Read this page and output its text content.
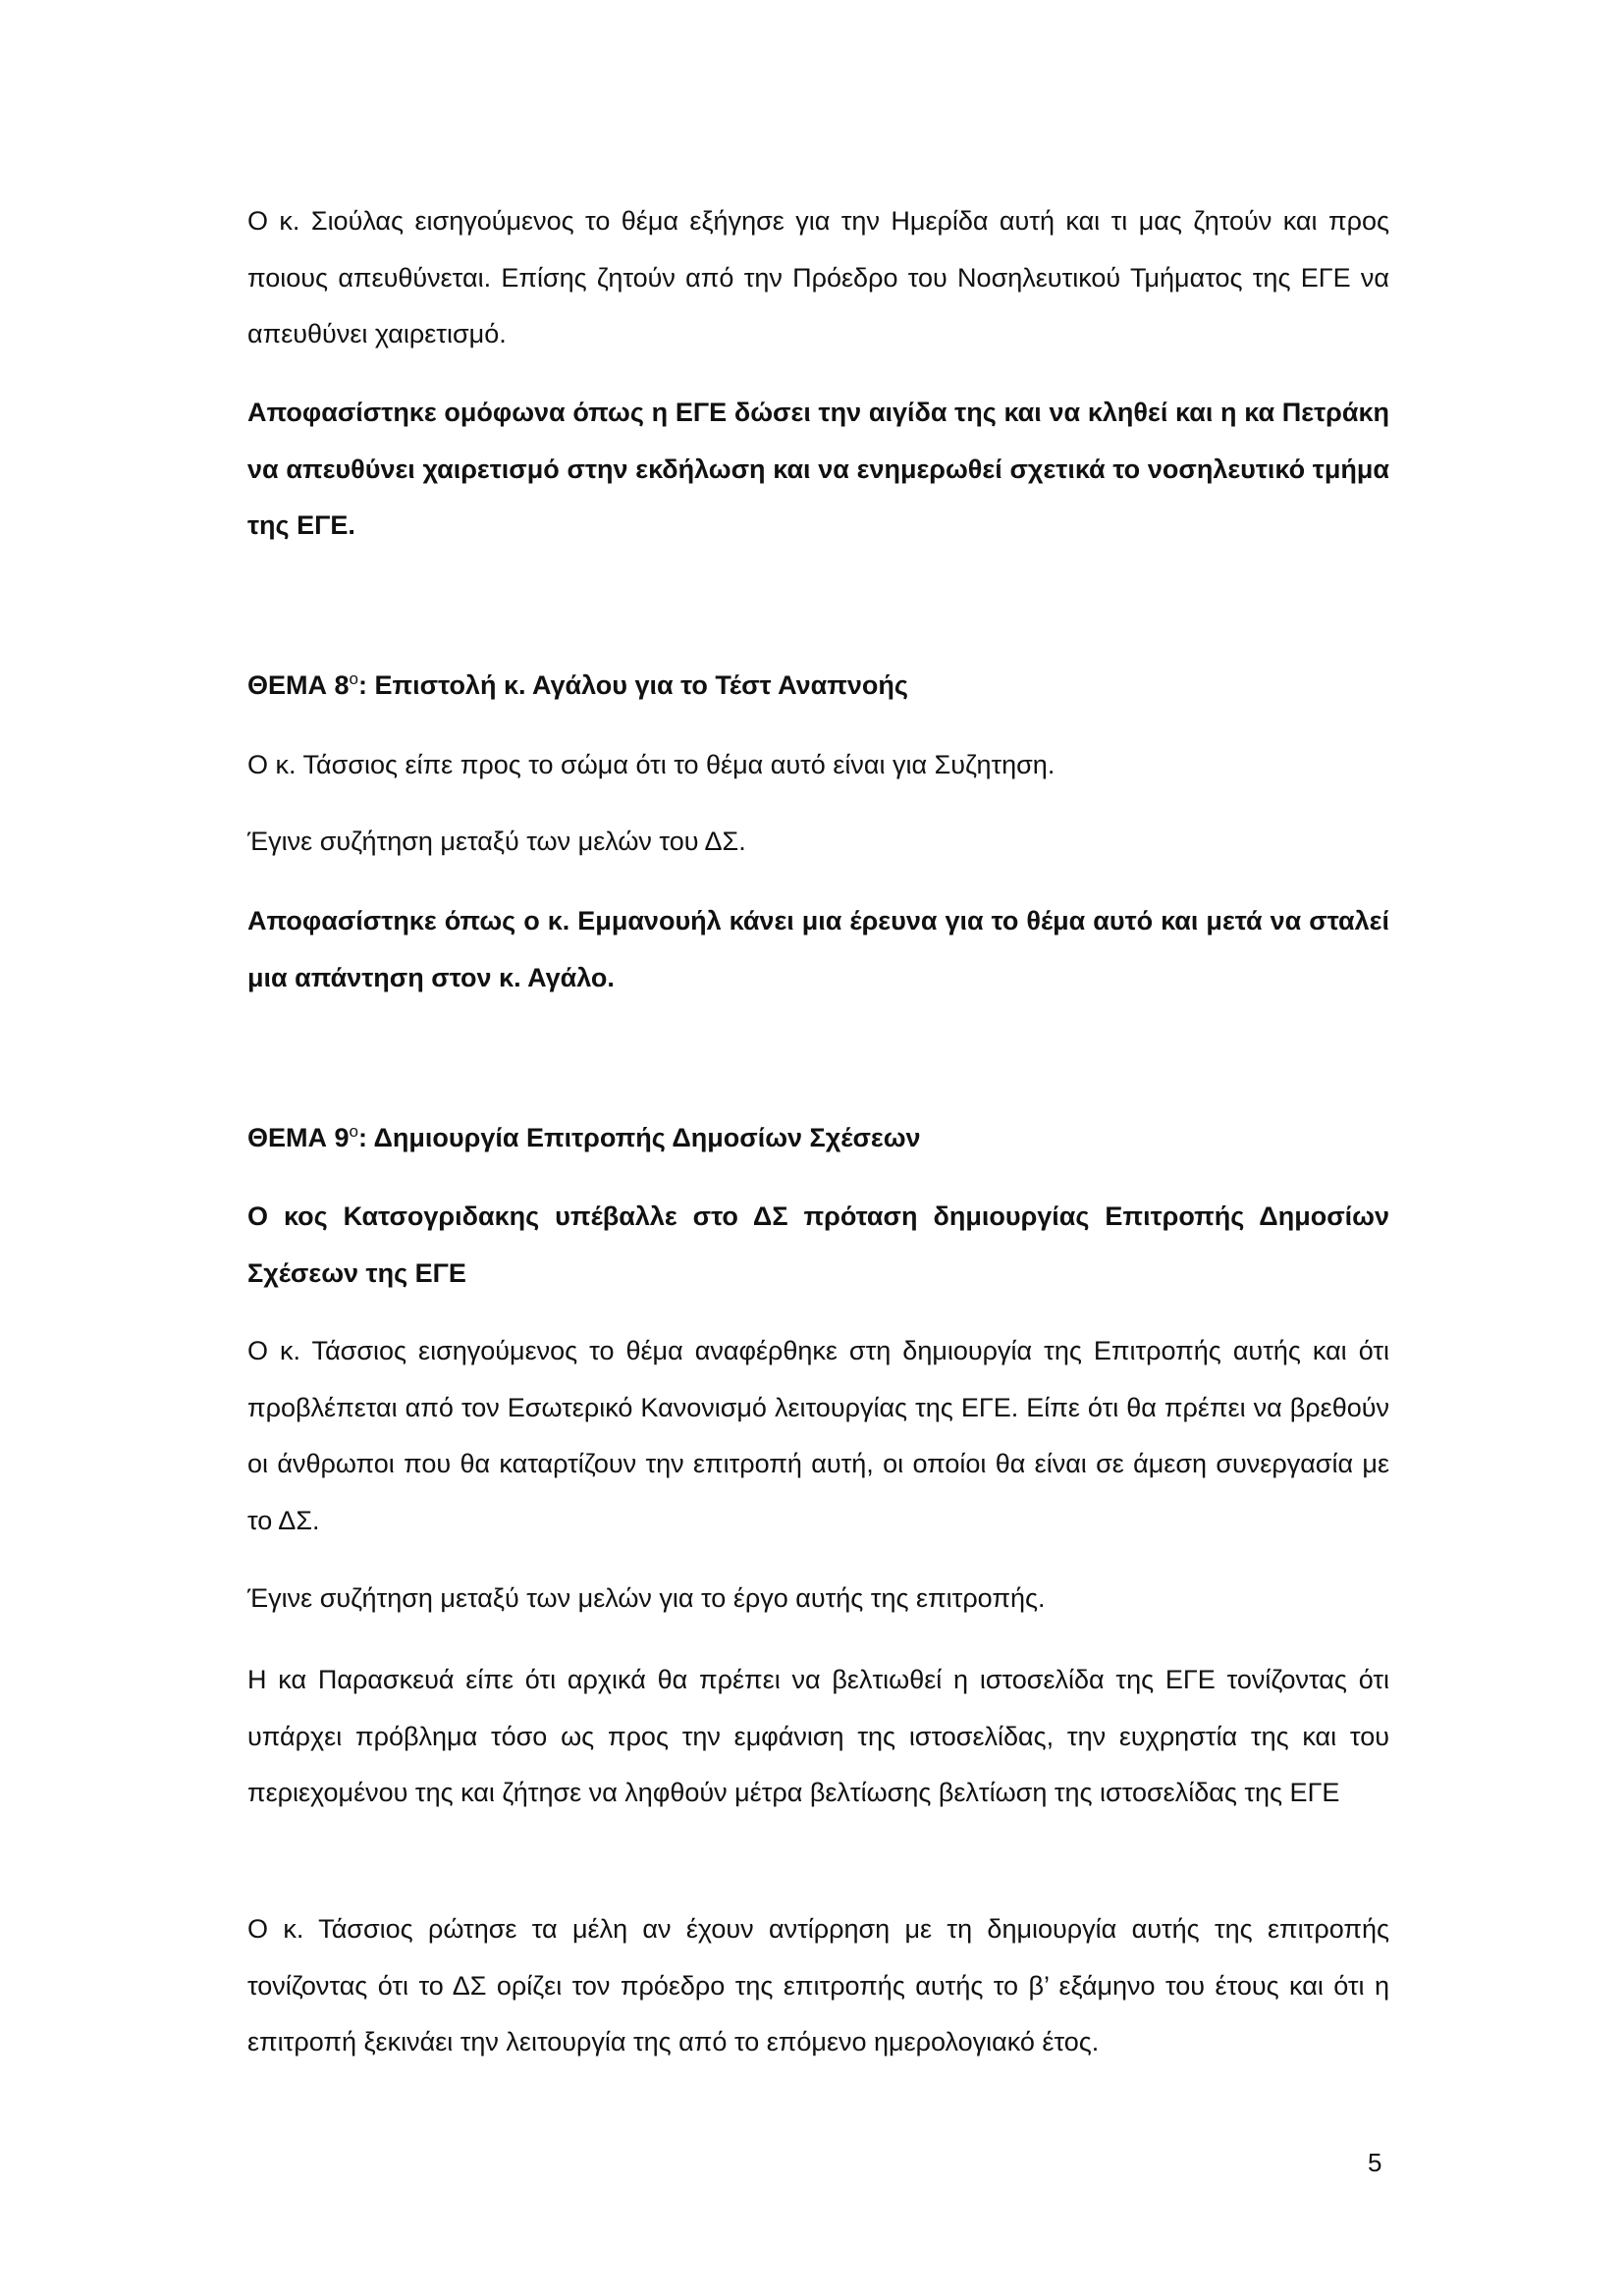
Ο κ. Σιούλας εισηγούμενος το θέμα εξήγησε για την Ημερίδα αυτή και τι μας ζητούν και προς ποιους απευθύνεται. Επίσης ζητούν από την Πρόεδρο του Νοσηλευτικού Τμήματος της ΕΓΕ να απευθύνει χαιρετισμό.
Αποφασίστηκε ομόφωνα όπως η ΕΓΕ δώσει την αιγίδα της και να κληθεί και η κα Πετράκη να απευθύνει χαιρετισμό στην εκδήλωση και να ενημερωθεί σχετικά το νοσηλευτικό τμήμα της ΕΓΕ.
ΘΕΜΑ $8^o$: Επιστολή κ. Αγάλου για το Τέστ Αναπνοής
Ο κ. Τάσσιος είπε προς το σώμα ότι το θέμα αυτό είναι για Συζητηση.
Έγινε συζήτηση μεταξύ των μελών του ΔΣ.
Αποφασίστηκε όπως ο κ. Εμμανουήλ κάνει μια έρευνα για το θέμα αυτό και μετά να σταλεί μια απάντηση στον κ. Αγάλο.
ΘΕΜΑ $9^o$: Δημιουργία Επιτροπής Δημοσίων Σχέσεων
Ο κος Κατσογριδακης υπέβαλλε στο ΔΣ πρόταση δημιουργίας Επιτροπής Δημοσίων Σχέσεων της ΕΓΕ
Ο κ. Τάσσιος εισηγούμενος το θέμα αναφέρθηκε στη δημιουργία της Επιτροπής αυτής και ότι προβλέπεται από τον Εσωτερικό Κανονισμό λειτουργίας της ΕΓΕ. Είπε ότι θα πρέπει να βρεθούν οι άνθρωποι που θα καταρτίζουν την επιτροπή αυτή, οι οποίοι θα είναι σε άμεση συνεργασία με το ΔΣ.
Έγινε συζήτηση μεταξύ των μελών για το έργο αυτής της επιτροπής.
Η κα Παρασκευά είπε ότι αρχικά θα πρέπει να βελτιωθεί η ιστοσελίδα της ΕΓΕ τονίζοντας ότι υπάρχει πρόβλημα τόσο ως προς την εμφάνιση της ιστοσελίδας, την ευχρηστία της και του περιεχομένου της και ζήτησε να ληφθούν μέτρα βελτίωσης βελτίωση της ιστοσελίδας της ΕΓΕ
Ο κ. Τάσσιος ρώτησε τα μέλη αν έχουν αντίρρηση με τη δημιουργία αυτής της επιτροπής τονίζοντας ότι το ΔΣ ορίζει τον πρόεδρο της επιτροπής αυτής το β’ εξάμηνο του έτους και ότι η επιτροπή ξεκινάει την λειτουργία της από το επόμενο ημερολογιακό έτος.
5
